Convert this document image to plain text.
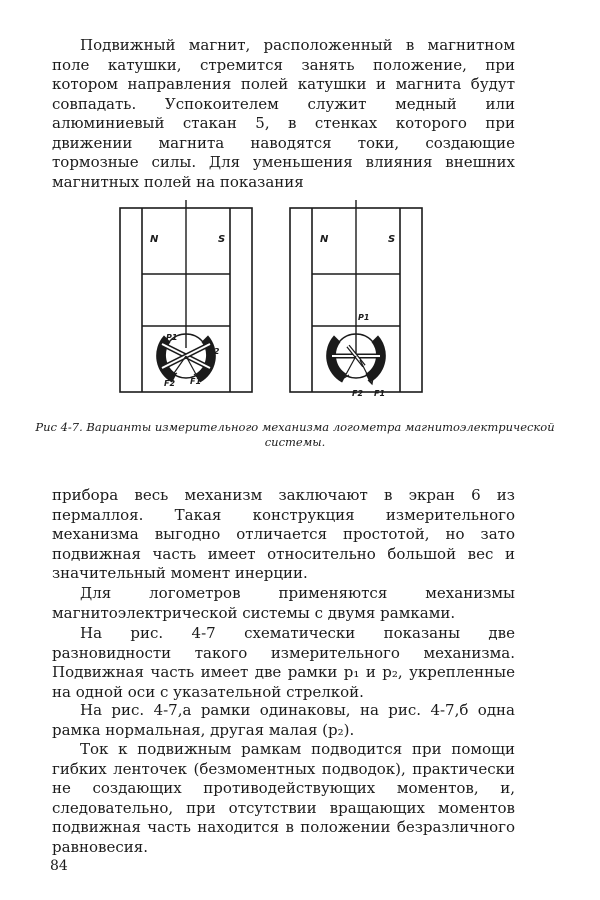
Подвижный магнит, расположенный в магнитном поле катушки, стремится занять положение, при котором направления полей катушки и магнита будут совпадать. Успокоителем служит медный или алюминиевый стакан 5, в стенках которого при движении магнита наводятся токи, создающие тормозные силы. Для уменьшения влияния внешних магнитных полей на показания

N	S
P1
P2
F1
F2
N	S
P1
F1
F2
Рис 4-7. Варианты измерительного механизма логометра магнитоэлектрической системы.

прибора весь механизм заключают в экран 6 из пермаллоя. Такая конструкция измерительного механизма выгодно отличается простотой, но зато подвижная часть имеет относительно большой вес и значительный момент инерции.

Для логометров применяются механизмы магнитоэлектрической системы с двумя рамками.

На рис. 4-7 схематически показаны две разновидности такого измерительного механизма. Подвижная часть имеет две рамки p₁ и p₂, укрепленные на одной оси с указательной стрелкой.

На рис. 4-7,а рамки одинаковы, на рис. 4-7,б одна рамка нормальная, другая малая (p₂).

Ток к подвижным рамкам подводится при помощи гибких ленточек (безмоментных подводок), практически не создающих противодействующих моментов, и, следовательно, при отсутствии вращающих моментов подвижная часть находится в положении безразличного равновесия.

84
